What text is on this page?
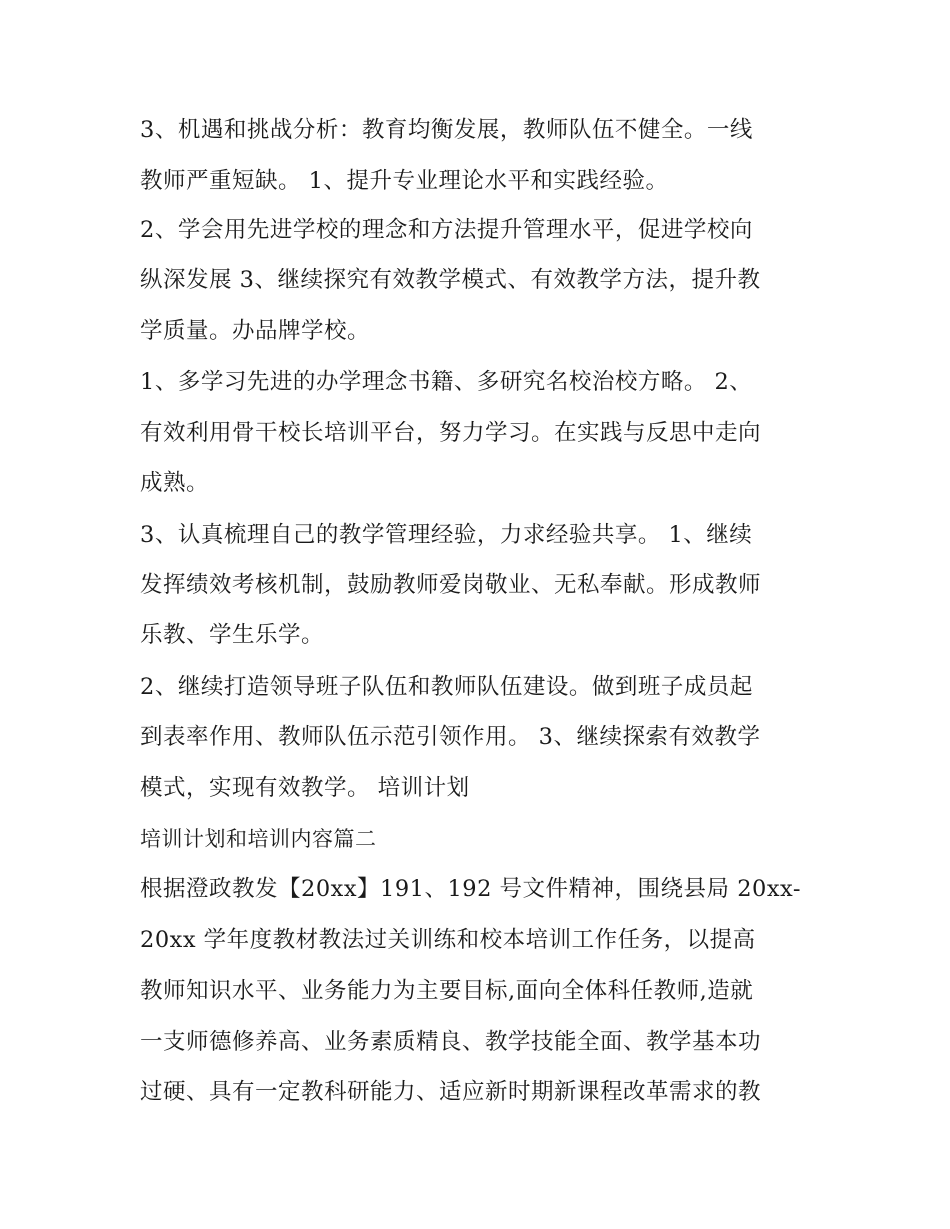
3、机遇和挑战分析：教育均衡发展，教师队伍不健全。一线
教师严重短缺。 1、提升专业理论水平和实践经验。
2、学会用先进学校的理念和方法提升管理水平，促进学校向
纵深发展 3、继续探究有效教学模式、有效教学方法，提升教
学质量。办品牌学校。
1、多学习先进的办学理念书籍、多研究名校治校方略。 2、
有效利用骨干校长培训平台，努力学习。在实践与反思中走向
成熟。
3、认真梳理自己的教学管理经验，力求经验共享。 1、继续
发挥绩效考核机制，鼓励教师爱岗敬业、无私奉献。形成教师
乐教、学生乐学。
2、继续打造领导班子队伍和教师队伍建设。做到班子成员起
到表率作用、教师队伍示范引领作用。 3、继续探索有效教学
模式，实现有效教学。 培训计划
培训计划和培训内容篇二
根据澄政教发【20xx】191、192 号文件精神，围绕县局 20xx-
20xx 学年度教材教法过关训练和校本培训工作任务，以提高
教师知识水平、业务能力为主要目标,面向全体科任教师,造就
一支师德修养高、业务素质精良、教学技能全面、教学基本功
过硬、具有一定教科研能力、适应新时期新课程改革需求的教
